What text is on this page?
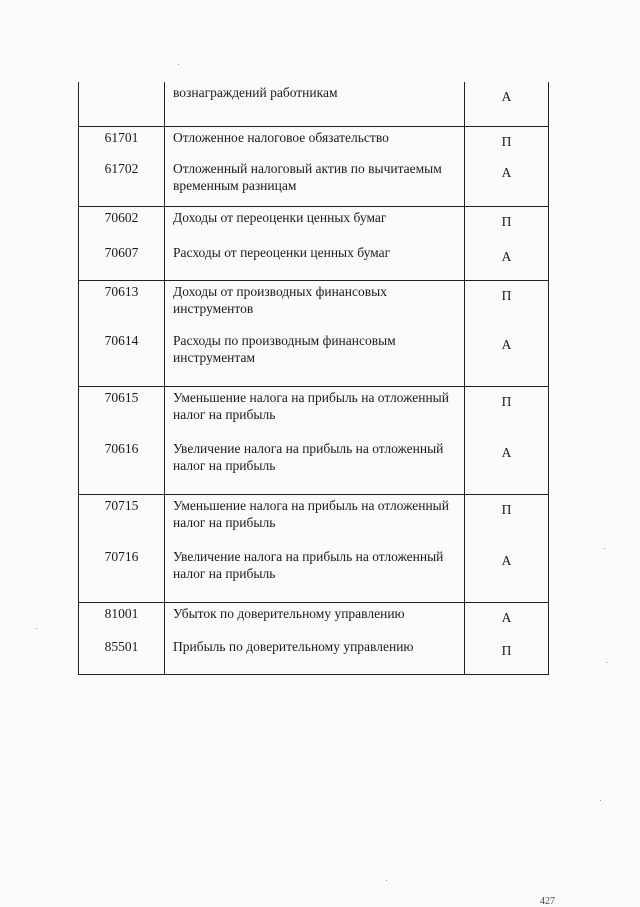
	вознаграждений работникам	А
61701	Отложенное налоговое обязательство	П
61702	Отложенный налоговый актив по вычитаемым временным разницам	А
70602	Доходы от переоценки ценных бумаг	П
70607	Расходы от переоценки ценных бумаг	А
70613	Доходы от производных финансовых инструментов	П
70614	Расходы по производным финансовым инструментам	А
70615	Уменьшение налога на прибыль на отложенный налог на прибыль	П
70616	Увеличение налога на прибыль на отложенный налог на прибыль	А
70715	Уменьшение налога на прибыль на отложенный налог на прибыль	П
70716	Увеличение налога на прибыль на отложенный налог на прибыль	А
81001	Убыток по доверительному управлению	А
85501	Прибыль по доверительному управлению	П
427
